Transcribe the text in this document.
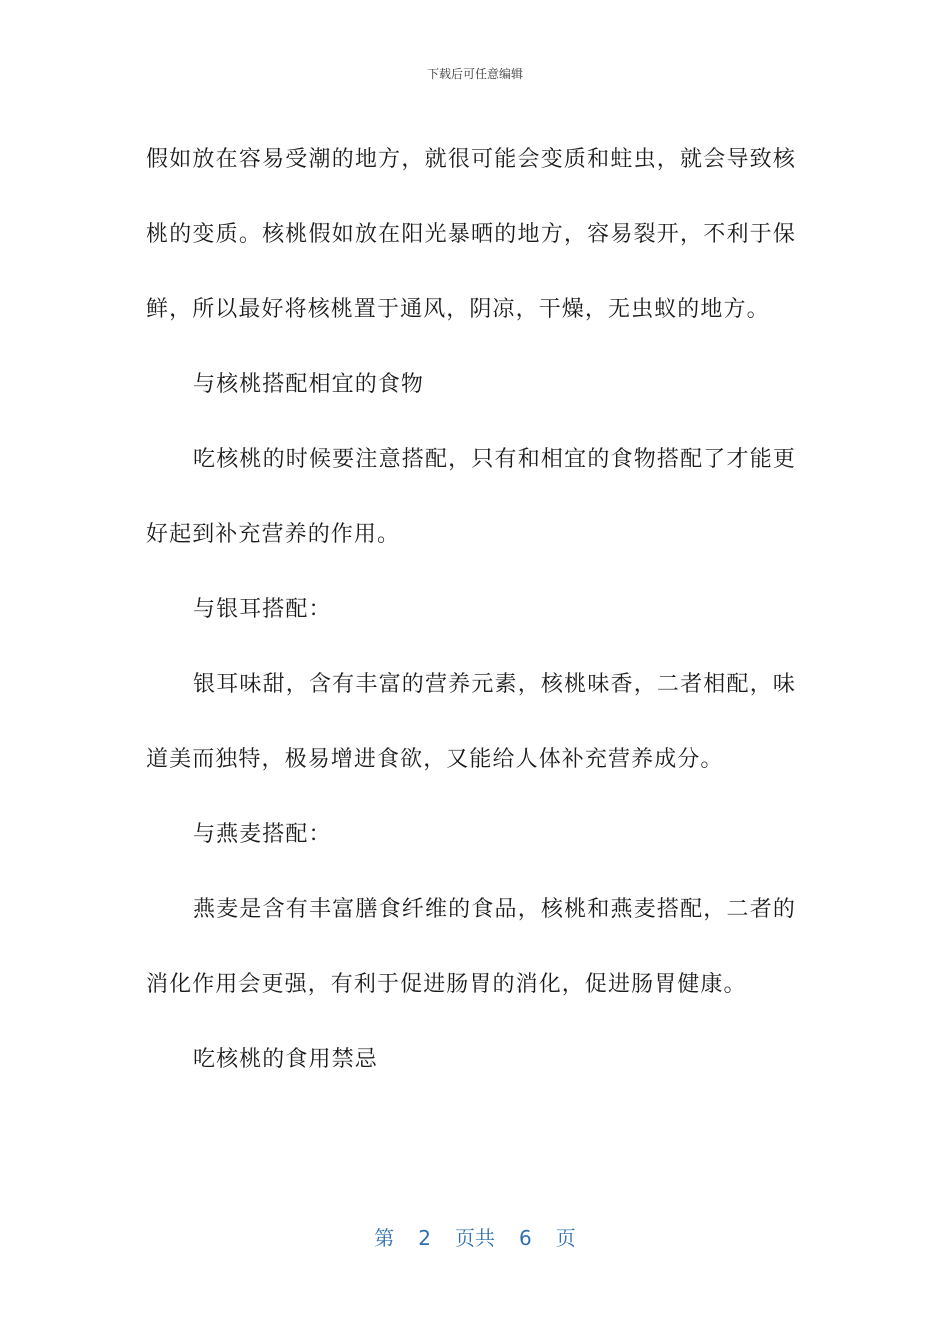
下载后可任意编辑

假如放在容易受潮的地方，就很可能会变质和蛀虫，就会导致核桃的变质。核桃假如放在阳光暴晒的地方，容易裂开，不利于保鲜，所以最好将核桃置于通风，阴凉，干燥，无虫蚁的地方。

与核桃搭配相宜的食物

吃核桃的时候要注意搭配，只有和相宜的食物搭配了才能更好起到补充营养的作用。

与银耳搭配：

银耳味甜，含有丰富的营养元素，核桃味香，二者相配，味道美而独特，极易增进食欲，又能给人体补充营养成分。

与燕麦搭配：

燕麦是含有丰富膳食纤维的食品，核桃和燕麦搭配，二者的消化作用会更强，有利于促进肠胃的消化，促进肠胃健康。

吃核桃的食用禁忌

第 2 页共 6 页
